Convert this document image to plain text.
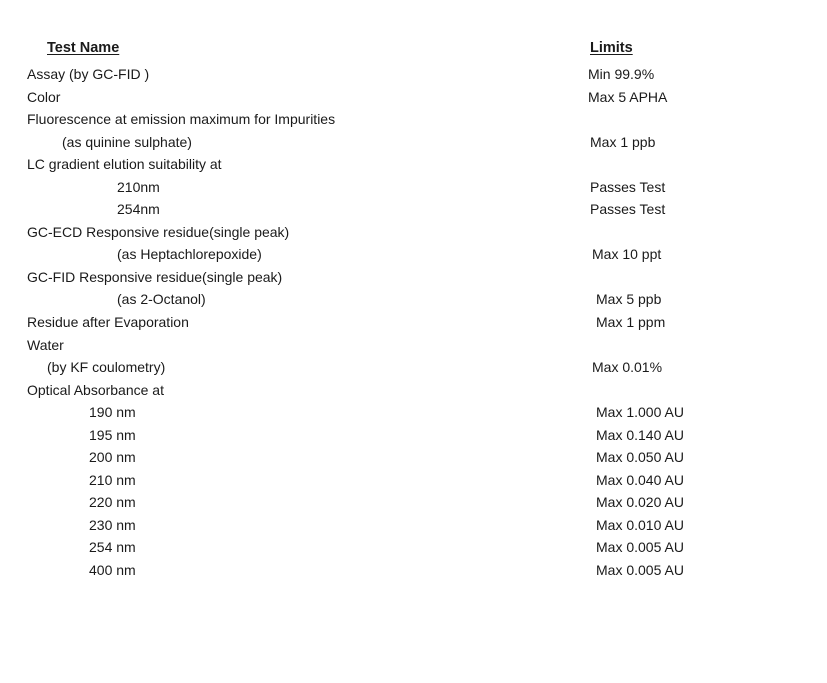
Test Name	Limits
Assay (by GC-FID )	Min 99.9%
Color	Max 5 APHA
Fluorescence at emission maximum for Impurities
(as quinine sulphate)	Max 1 ppb
LC gradient elution suitability at
210nm	Passes Test
254nm	Passes Test
GC-ECD Responsive residue(single peak)
(as Heptachlorepoxide)	Max 10 ppt
GC-FID Responsive residue(single peak)
(as 2-Octanol)	Max 5 ppb
Residue after Evaporation	Max 1 ppm
Water
(by KF coulometry)	Max 0.01%
Optical Absorbance at
190 nm	Max 1.000 AU
195 nm	Max 0.140 AU
200 nm	Max 0.050 AU
210 nm	Max 0.040 AU
220 nm	Max 0.020 AU
230 nm	Max 0.010 AU
254 nm	Max 0.005 AU
400 nm	Max 0.005 AU
